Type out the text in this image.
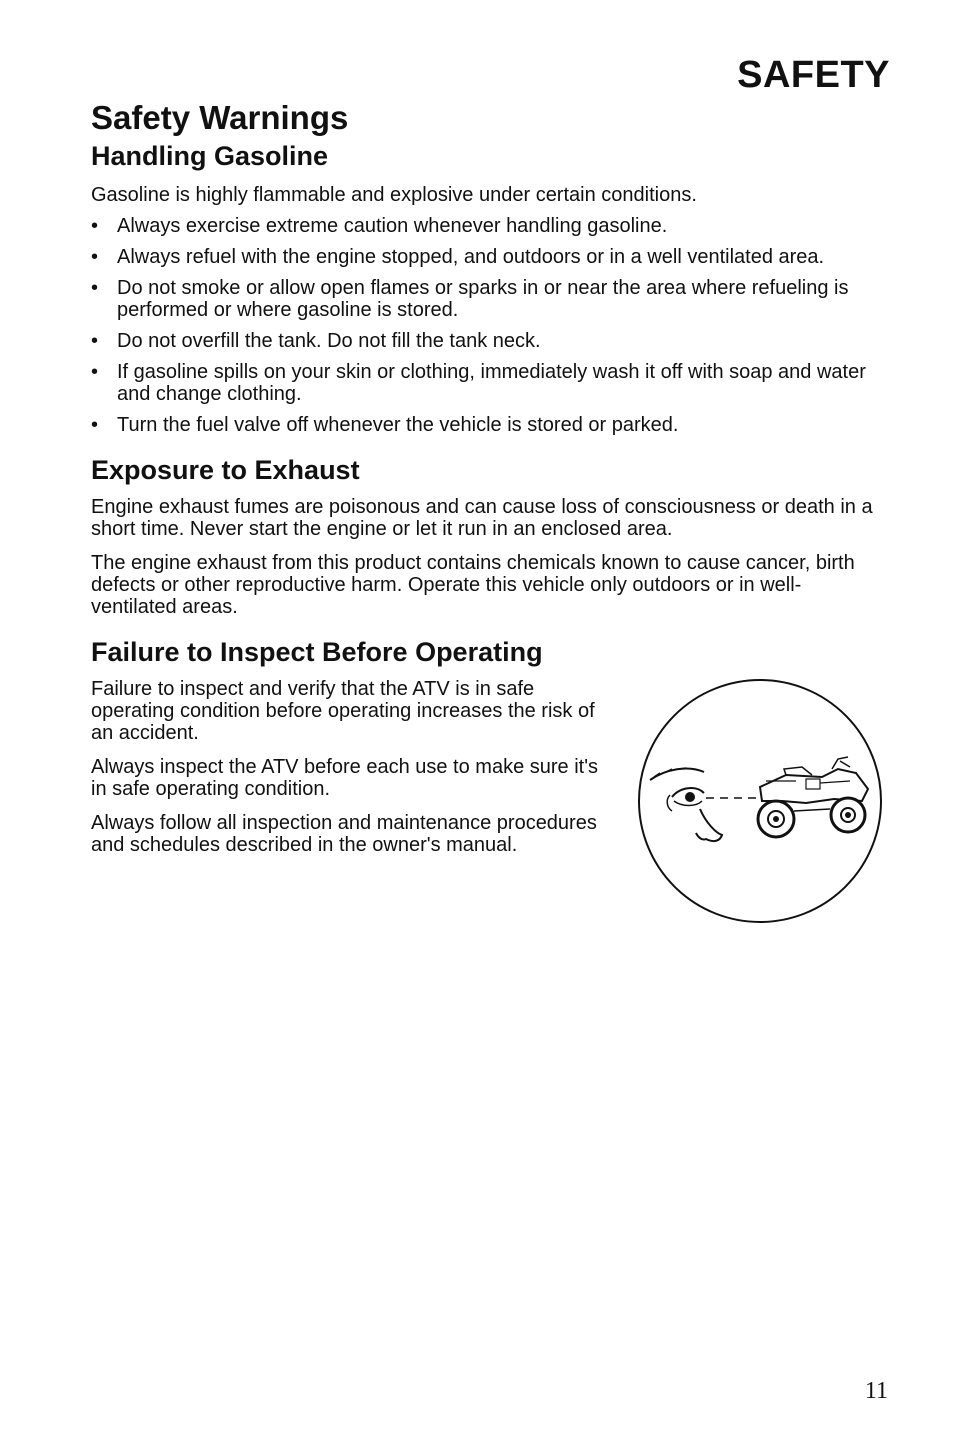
SAFETY
Safety Warnings
Handling Gasoline

Gasoline is highly flammable and explosive under certain conditions.

• Always exercise extreme caution whenever handling gasoline.
• Always refuel with the engine stopped, and outdoors or in a well ventilated area.
• Do not smoke or allow open flames or sparks in or near the area where refueling is performed or where gasoline is stored.
• Do not overfill the tank. Do not fill the tank neck.
• If gasoline spills on your skin or clothing, immediately wash it off with soap and water and change clothing.
• Turn the fuel valve off whenever the vehicle is stored or parked.
Exposure to Exhaust

Engine exhaust fumes are poisonous and can cause loss of consciousness or death in a short time. Never start the engine or let it run in an enclosed area.

The engine exhaust from this product contains chemicals known to cause cancer, birth defects or other reproductive harm. Operate this vehicle only outdoors or in well-ventilated areas.

Failure to Inspect Before Operating

Failure to inspect and verify that the ATV is in safe operating condition before operating increases the risk of an accident.

Always inspect the ATV before each use to make sure it's in safe operating condition.

Always follow all inspection and maintenance procedures and schedules described in the owner's manual.

11
